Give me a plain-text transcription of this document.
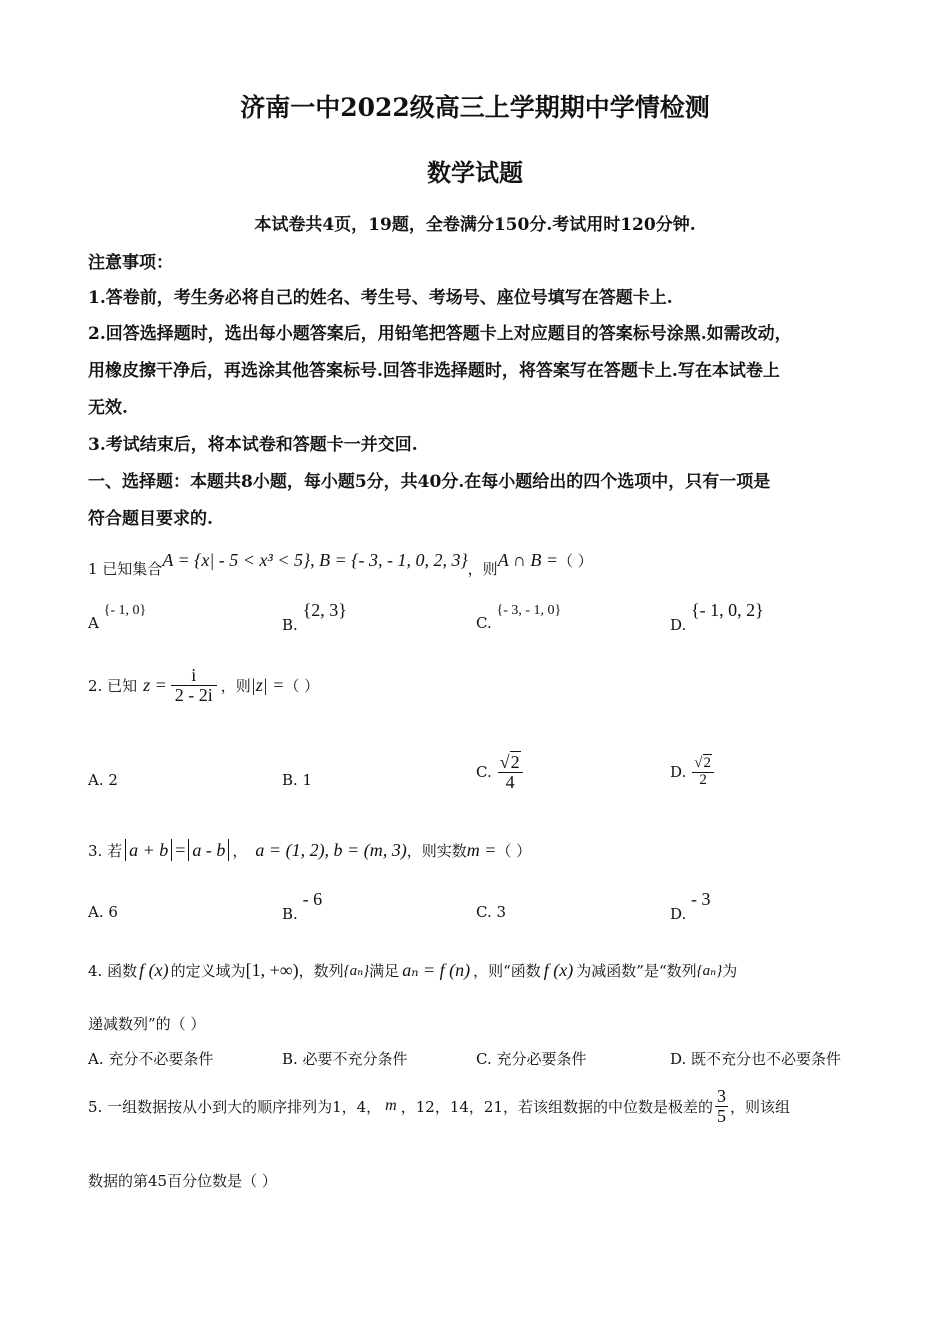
济南一中2022级高三上学期期中学情检测
数学试题
本试卷共4页，19题，全卷满分150分.考试用时120分钟.
注意事项：
1.答卷前，考生务必将自己的姓名、考生号、考场号、座位号填写在答题卡上.
2.回答选择题时，选出每小题答案后，用铅笔把答题卡上对应题目的答案标号涂黑.如需改动，
用橡皮擦干净后，再选涂其他答案标号.回答非选择题时，将答案写在答题卡上.写在本试卷上
无效.
3.考试结束后，将本试卷和答题卡一并交回.
一、选择题：本题共8小题，每小题5分，共40分.在每小题给出的四个选项中，只有一项是
符合题目要求的.
1 已知集合A = {x| - 5 < x³ < 5}, B = {- 3, - 1, 0, 2, 3}，则A ∩ B =（ ）
A {- 1, 0}
B. {2, 3}
C. {- 3, - 1, 0}
D. {- 1, 0, 2}
2. 已知 $z = \frac{i}{2 - 2i}$ ，则 |z| = （ ）
A. 2	B. 1	C. $\frac{√2}{4}$	D. $\frac{√2}{2}$
3. 若 a + b = a - b ， a = (1, 2), b = (m, 3) ，则实数 m = （ ）
A. 6	B. - 6
C. 3	D. - 3
4. 函数 f (x) 的定义域为 [1, +∞) ，数列 {aₙ} 满足 aₙ = f (n) ，则“函数 f (x) 为减函数”是“数列 {aₙ} 为
递减数列”的（ ）
A. 充分不必要条件	B. 必要不充分条件	C. 充分必要条件	D. 既不充分也不必要条件
5. 一组数据按从小到大的顺序排列为1，4， m ，12，14，21，若该组数据的中位数是极差的 $\frac{3}{5}$ ，则该组
数据的第45百分位数是（ ）
